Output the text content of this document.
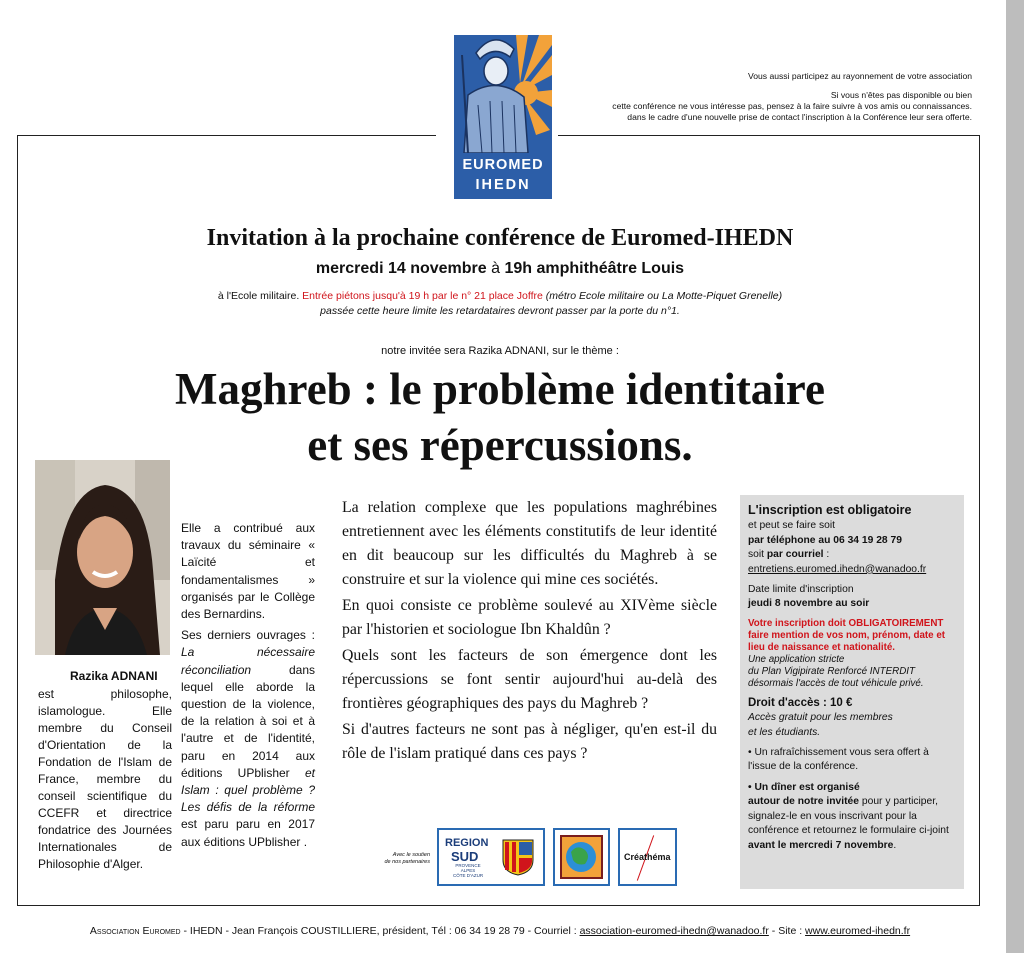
Vous aussi participez au rayonnement de votre association
Si vous n'êtes pas disponible ou bien
cette conférence ne vous intéresse pas, pensez à la faire suivre à vos amis ou connaissances.
dans le cadre d'une nouvelle prise de contact l'inscription à la Conférence leur sera offerte.
EUROMED
IHEDN
Invitation à la prochaine conférence de Euromed-IHEDN
mercredi 14 novembre à 19h amphithéâtre Louis
à l'Ecole militaire. Entrée piétons jusqu'à 19 h par le n° 21 place Joffre (métro Ecole militaire ou La Motte-Piquet Grenelle)
passée cette heure limite les retardataires devront passer par la porte du n°1.
notre invitée sera Razika ADNANI, sur le thème :
Maghreb : le problème identitaire
et ses répercussions.
Razika ADNANI

est philosophe, islamologue. Elle membre du Conseil d'Orientation de la Fondation de l'Islam de France, membre du conseil scientifique du CCEFR et directrice fondatrice des Journées Internationales de Philosophie d'Alger.

Elle a contribué aux travaux du séminaire « Laïcité et fondamentalismes » organisés par le Collège des Bernardins.

Ses derniers ouvrages : La nécessaire réconciliation dans lequel elle aborde la question de la violence, de la relation à soi et à l'autre et de l'identité, paru en 2014 aux éditions UPblisher et Islam : quel problème ? Les défis de la réforme est paru paru en 2017 aux éditions UPblisher .

La relation complexe que les populations maghrébines entretiennent avec les éléments constitutifs de leur identité en dit beaucoup sur les difficultés du Maghreb à se construire et sur la violence qui mine ces sociétés.

En quoi consiste ce problème soulevé au XIVème siècle par l'historien et sociologue Ibn Khaldûn ?

Quels sont les facteurs de son émergence dont les répercussions se font sentir aujourd'hui au-delà des frontières géographiques des pays du Maghreb ?

Si d'autres facteurs ne sont pas à négliger, qu'en est-il du rôle de l'islam pratiqué dans ces pays ?

L'inscription est obligatoire

et peut se faire soit

par téléphone au 06 34 19 28 79

soit par courriel :

entretiens.euromed.ihedn@wanadoo.fr

Date limite d'inscription

jeudi 8 novembre au soir

Votre inscription doit OBLIGATOIREMENT faire mention de vos nom, prénom, date et lieu de naissance et nationalité.

Une application stricte

du Plan Vigipirate Renforcé INTERDIT

désormais l'accès de tout véhicule privé.

Droit d'accès : 10 €

Accès gratuit pour les membres

et les étudiants.

• Un rafraîchissement vous sera offert à l'issue de la conférence.

• Un dîner est organisé

autour de notre invitée pour y participer, signalez-le en vous inscrivant pour la conférence et retournez le formulaire ci-joint avant le mercredi 7 novembre.

Avec le soutien
de nos partenaires
REGION
SUD
PROVENCE
ALPES
CÔTE D'AZUR
Créathéma
Association Euromed - IHEDN - Jean François COUSTILLIERE, président, Tél : 06 34 19 28 79 - Courriel : association-euromed-ihedn@wanadoo.fr - Site : www.euromed-ihedn.fr
